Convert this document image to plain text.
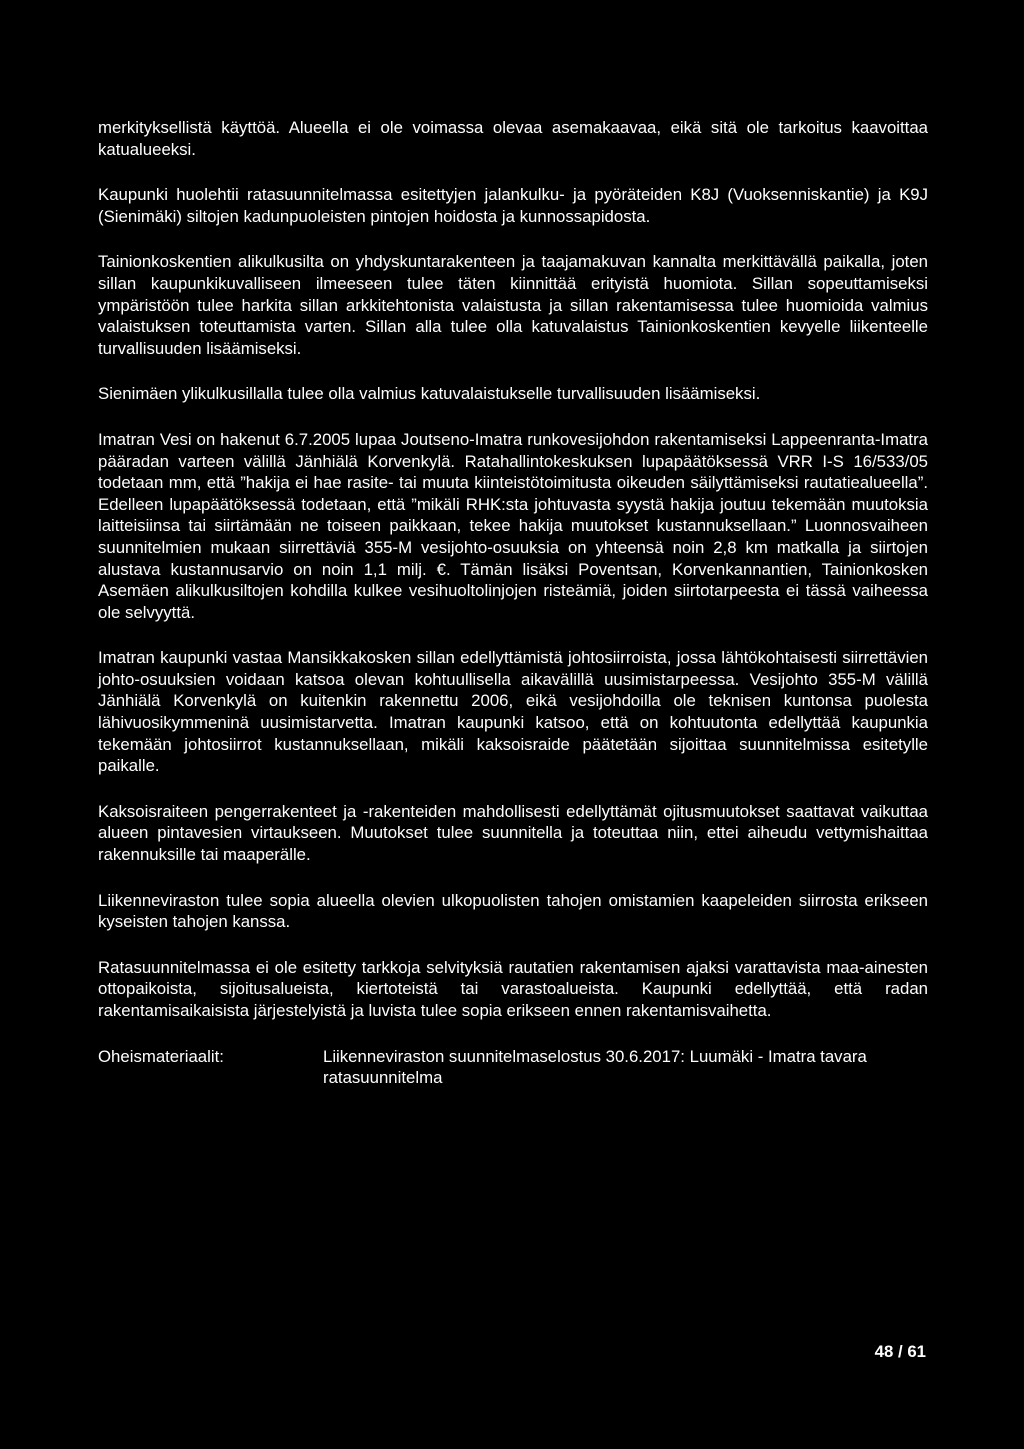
merkityksellistä käyttöä. Alueella ei ole voimassa olevaa asemakaavaa, eikä sitä ole tarkoitus kaavoittaa katualueeksi.

Kaupunki huolehtii ratasuunnitelmassa esitettyjen jalankulku- ja pyöräteiden K8J (Vuoksenniskantie) ja K9J (Sienimäki) siltojen kadunpuoleisten pintojen hoidosta ja kunnossapidosta.

Tainionkoskentien alikulkusilta on yhdyskuntarakenteen ja taajamakuvan kannalta merkittävällä paikalla, joten sillan kaupunkikuvalliseen ilmeeseen tulee täten kiinnittää erityistä huomiota. Sillan sopeuttamiseksi ympäristöön tulee harkita sillan arkkitehtonista valaistusta ja sillan rakentamisessa tulee huomioida valmius valaistuksen toteuttamista varten. Sillan alla tulee olla katuvalaistus Tainionkoskentien kevyelle liikenteelle turvallisuuden lisäämiseksi.

Sienimäen ylikulkusillalla tulee olla valmius katuvalaistukselle turvallisuuden lisäämiseksi.

Imatran Vesi on hakenut 6.7.2005 lupaa Joutseno-Imatra runkovesijohdon rakentamiseksi Lappeenranta-Imatra pääradan varteen välillä Jänhiälä Korvenkylä. Ratahallintokeskuksen lupapäätöksessä VRR I-S 16/533/05 todetaan mm, että ”hakija ei hae rasite- tai muuta kiinteistötoimitusta oikeuden säilyttämiseksi rautatiealueella”. Edelleen lupapäätöksessä todetaan, että ”mikäli RHK:sta johtuvasta syystä hakija joutuu tekemään muutoksia laitteisiinsa tai siirtämään ne toiseen paikkaan, tekee hakija muutokset kustannuksellaan.” Luonnosvaiheen suunnitelmien mukaan siirrettäviä 355-M vesijohto-osuuksia on yhteensä noin 2,8 km matkalla ja siirtojen alustava kustannusarvio on noin 1,1 milj. €. Tämän lisäksi Poventsan, Korvenkannantien, Tainionkosken Asemäen alikulkusiltojen kohdilla kulkee vesihuoltolinjojen risteämiä, joiden siirtotarpeesta ei tässä vaiheessa ole selvyyttä.

Imatran kaupunki vastaa Mansikkakosken sillan edellyttämistä johtosiirroista, jossa lähtökohtaisesti siirrettävien johto-osuuksien voidaan katsoa olevan kohtuullisella aikavälillä uusimistarpeessa. Vesijohto 355-M välillä Jänhiälä Korvenkylä on kuitenkin rakennettu 2006, eikä vesijohdoilla ole teknisen kuntonsa puolesta lähivuosikymmeninä uusimistarvetta. Imatran kaupunki katsoo, että on kohtuutonta edellyttää kaupunkia tekemään johtosiirrot kustannuksellaan, mikäli kaksoisraide päätetään sijoittaa suunnitelmissa esitetylle paikalle.

Kaksoisraiteen pengerrakenteet ja -rakenteiden mahdollisesti edellyttämät ojitusmuutokset saattavat vaikuttaa alueen pintavesien virtaukseen. Muutokset tulee suunnitella ja toteuttaa niin, ettei aiheudu vettymishaittaa rakennuksille tai maaperälle.

Liikenneviraston tulee sopia alueella olevien ulkopuolisten tahojen omistamien kaapeleiden siirrosta erikseen kyseisten tahojen kanssa.

Ratasuunnitelmassa ei ole esitetty tarkkoja selvityksiä rautatien rakentamisen ajaksi varattavista maa-ainesten ottopaikoista, sijoitusalueista, kiertoteistä tai varastoalueista. Kaupunki edellyttää, että radan rakentamisaikaisista järjestelyistä ja luvista tulee sopia erikseen ennen rakentamisvaihetta.

Oheismateriaalit:	Liikenneviraston suunnitelmaselostus 30.6.2017: Luumäki - Imatra tavara ratasuunnitelma
48 / 61
